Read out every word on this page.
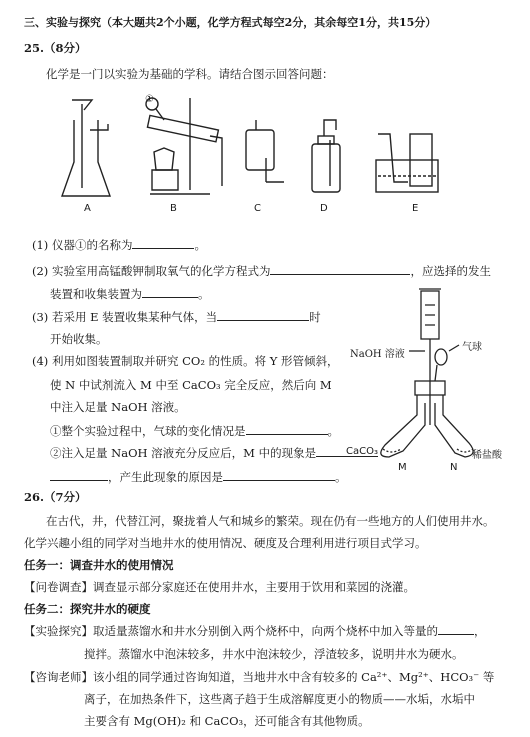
三、实验与探究（本大题共2个小题，化学方程式每空2分，其余每空1分，共15分）
25.（8分）
化学是一门以实验为基础的学科。请结合图示回答问题：
A	B	C	D	E
①
(1) 仪器①的名称为	。
(2) 实验室用高锰酸钾制取氧气的化学方程式为	，应选择的发生
装置和收集装置为	。
(3) 若采用 E 装置收集某种气体，当	时
开始收集。
(4) 利用如图装置制取并研究 CO₂ 的性质。将 Y 形管倾斜，
使 N 中试剂流入 M 中至 CaCO₃ 完全反应，然后向 M
中注入足量 NaOH 溶液。
①整个实验过程中，气球的变化情况是	。
②注入足量 NaOH 溶液充分反应后，M 中的现象是
，产生此现象的原因是	。
NaOH 溶液
气球
CaCO₃
M	N
稀盐酸
26.（7分）
在古代，井，代替江河，聚拢着人气和城乡的繁荣。现在仍有一些地方的人们使用井水。
化学兴趣小组的同学对当地井水的使用情况、硬度及合理利用进行项目式学习。
任务一：调查井水的使用情况
【问卷调查】调查显示部分家庭还在使用井水，主要用于饮用和菜园的浇灌。
任务二：探究井水的硬度
【实验探究】取适量蒸馏水和井水分别倒入两个烧杯中，向两个烧杯中加入等量的	，
搅拌。蒸馏水中泡沫较多，井水中泡沫较少，浮渣较多，说明井水为硬水。
【咨询老师】该小组的同学通过咨询知道，当地井水中含有较多的 Ca²⁺、Mg²⁺、HCO₃⁻ 等
离子，在加热条件下，这些离子趋于生成溶解度更小的物质——水垢，水垢中
主要含有 Mg(OH)₂ 和 CaCO₃，还可能含有其他物质。
